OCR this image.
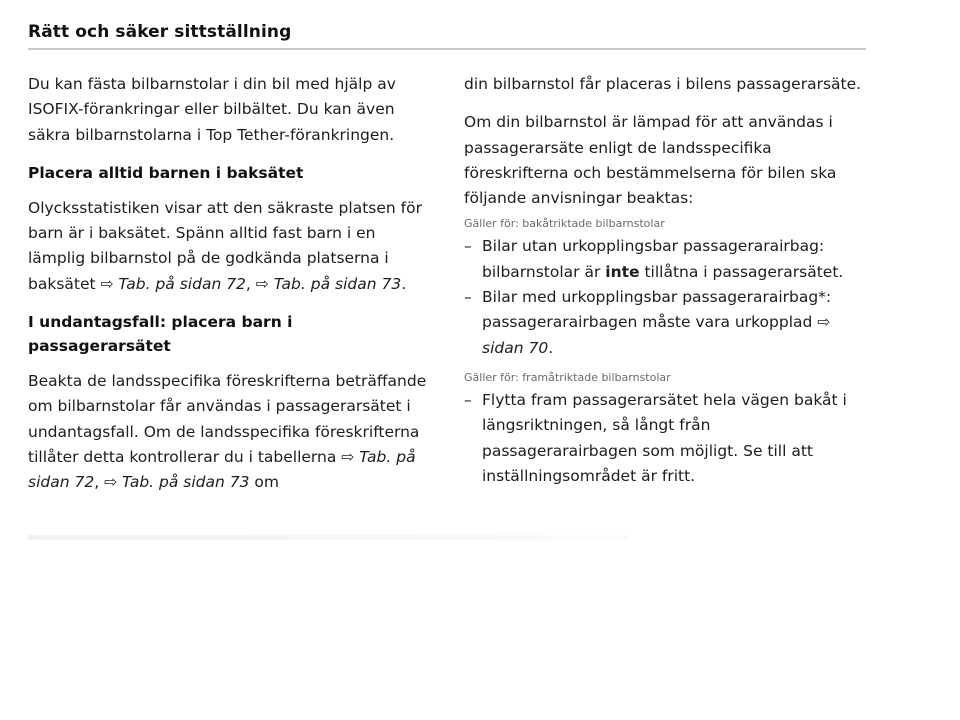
Rätt och säker sittställning

Du kan fästa bilbarnstolar i din bil med hjälp av ISOFIX-förankringar eller bilbältet. Du kan även säkra bilbarnstolarna i Top Tether-förankringen.

Placera alltid barnen i baksätet

Olycksstatistiken visar att den säkraste platsen för barn är i baksätet. Spänn alltid fast barn i en lämplig bilbarnstol på de godkända platserna i baksätet ⇨ Tab. på sidan 72, ⇨ Tab. på sidan 73.

I undantagsfall: placera barn i passagerarsätet

Beakta de landsspecifika föreskrifterna beträffande om bilbarnstolar får användas i passagerarsätet i undantagsfall. Om de landsspecifika föreskrifterna tillåter detta kontrollerar du i tabellerna ⇨ Tab. på sidan 72, ⇨ Tab. på sidan 73 om

din bilbarnstol får placeras i bilens passagerarsäte.

Om din bilbarnstol är lämpad för att användas i passagerarsäte enligt de landsspecifika föreskrifterna och bestämmelserna för bilen ska följande anvisningar beaktas:

Gäller för: bakåtriktade bilbarnstolar
– Bilar utan urkopplingsbar passagerarairbag: bilbarnstolar är inte tillåtna i passagerarsätet.
– Bilar med urkopplingsbar passagerarairbag*: passagerarairbagen måste vara urkopplad ⇨ sidan 70.
Gäller för: framåtriktade bilbarnstolar
– Flytta fram passagerarsätet hela vägen bakåt i längsriktningen, så långt från passagerarairbagen som möjligt. Se till att inställningsområdet är fritt.
